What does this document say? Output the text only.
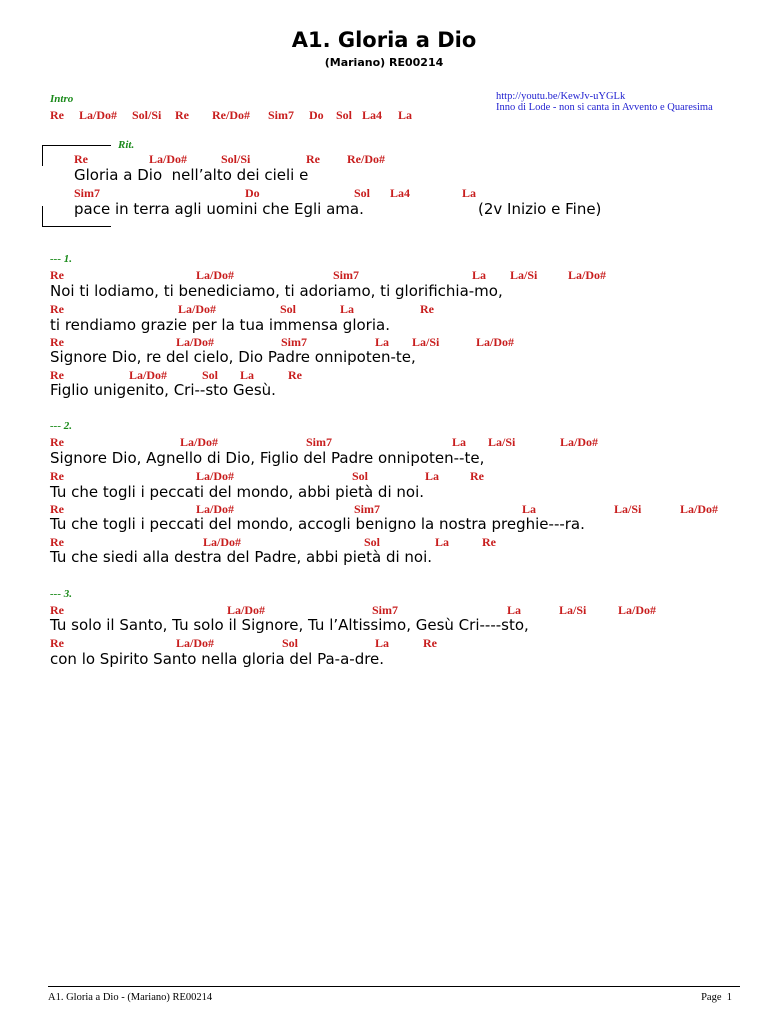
A1. Gloria a Dio
(Mariano) RE00214
http://youtu.be/KewJv-uYGLk
Inno di Lode - non si canta in Avvento e Quaresima
Intro
Re La/Do# Sol/Si Re Re/Do# Sim7 Do Sol La4 La
Rit.
Re	La/Do#	Sol/Si	Re Re/Do#
Gloria a Dio  nell’alto dei cieli e
Sim7	Do	Sol La4	La
pace in terra agli uomini che Egli ama.	(2v Inizio e Fine)
--- 1.
Re	La/Do#	Sim7	La La/Si	La/Do#
Noi ti lodiamo, ti benediciamo, ti adoriamo, ti glorifichia-mo,
Re	La/Do#	Sol	La	Re
ti rendiamo grazie per la tua immensa gloria.
Re	La/Do#	Sim7	La La/Si	La/Do#
Signore Dio, re del cielo, Dio Padre onnipoten-te,
Re	La/Do#	Sol La	Re
Figlio unigenito, Cri--sto Gesù.
--- 2.
Re	La/Do#	Sim7	La La/Si	La/Do#
Signore Dio, Agnello di Dio, Figlio del Padre onnipoten--te,
Re	La/Do#	Sol	La	Re
Tu che togli i peccati del mondo, abbi pietà di noi.
Re	La/Do#	Sim7	La	La/Si	La/Do#
Tu che togli i peccati del mondo, accogli benigno la nostra preghie---ra.
Re	La/Do#	Sol	La	Re
Tu che siedi alla destra del Padre, abbi pietà di noi.
--- 3.
Re	La/Do#	Sim7	La	La/Si	La/Do#
Tu solo il Santo, Tu solo il Signore, Tu l’Altissimo, Gesù Cri----sto,
Re	La/Do#	Sol	La	Re
con lo Spirito Santo nella gloria del Pa-a-dre.
A1. Gloria a Dio - (Mariano) RE00214	Page  1
